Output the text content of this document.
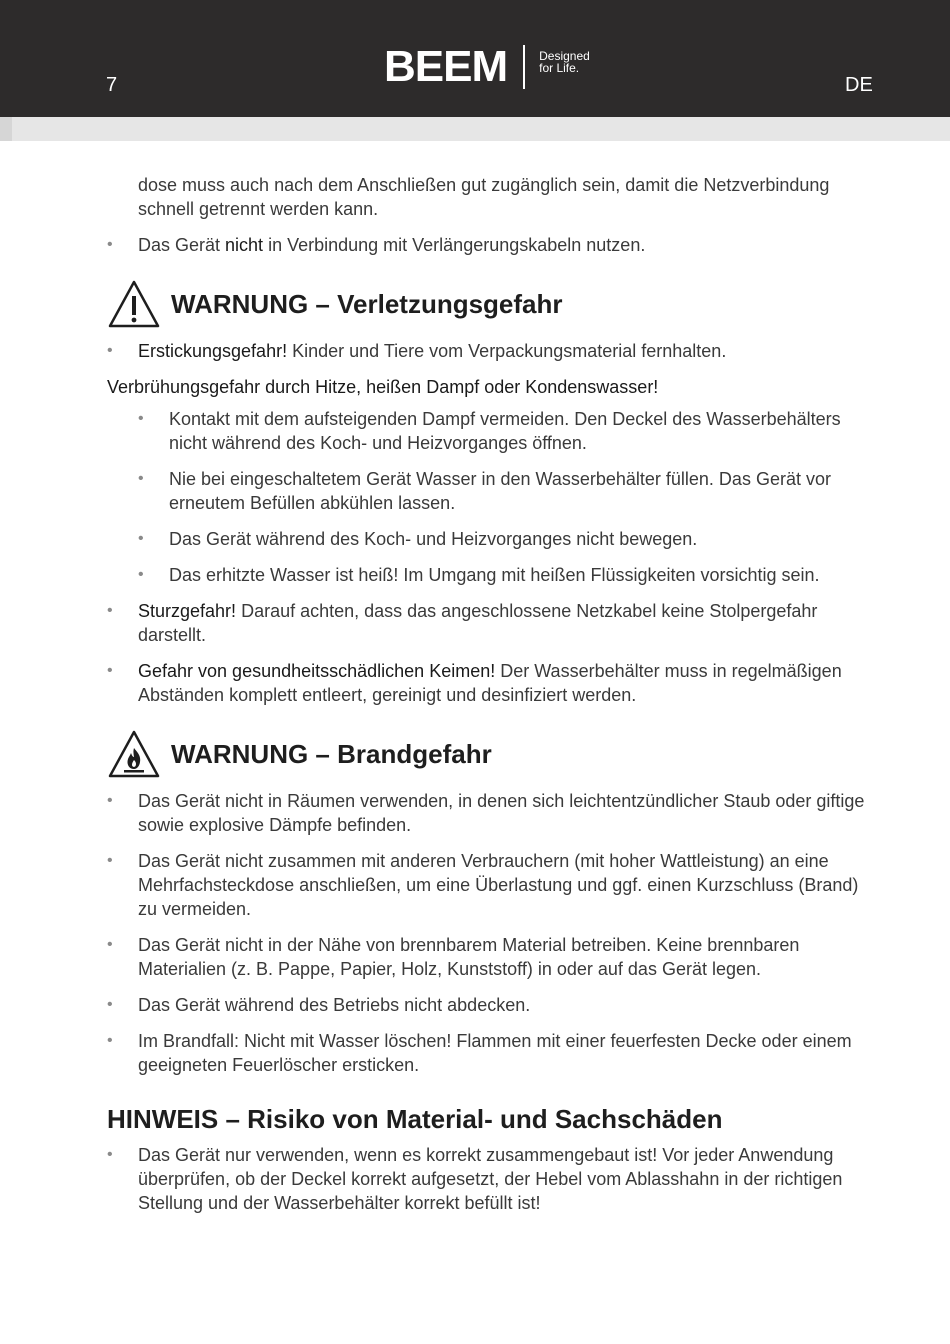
7	BEEM	Designed
for Life.
DE

dose muss auch nach dem Anschließen gut zugänglich sein, damit die Netzverbindung schnell getrennt werden kann.

• Das Gerät nicht in Verbindung mit Verlängerungskabeln nutzen.
WARNUNG – Verletzungsgefahr
• Erstickungsgefahr! Kinder und Tiere vom Verpackungsmaterial fernhalten.

Verbrühungsgefahr durch Hitze, heißen Dampf oder Kondenswasser!

• Kontakt mit dem aufsteigenden Dampf vermeiden. Den Deckel des Wasserbehälters nicht während des Koch- und Heizvorganges öffnen.
• Nie bei eingeschaltetem Gerät Wasser in den Wasserbehälter füllen. Das Gerät vor erneutem Befüllen abkühlen lassen.
• Das Gerät während des Koch- und Heizvorganges nicht bewegen.
• Das erhitzte Wasser ist heiß! Im Umgang mit heißen Flüssigkeiten vorsichtig sein.
• Sturzgefahr! Darauf achten, dass das angeschlossene Netzkabel keine Stolpergefahr darstellt.
• Gefahr von gesundheitsschädlichen Keimen! Der Wasserbehälter muss in regelmäßigen Abständen komplett entleert, gereinigt und desinfiziert werden.
WARNUNG – Brandgefahr
• Das Gerät nicht in Räumen verwenden, in denen sich leichtentzündlicher Staub oder giftige sowie explosive Dämpfe befinden.
• Das Gerät nicht zusammen mit anderen Verbrauchern (mit hoher Wattleistung) an eine Mehrfachsteckdose anschließen, um eine Überlastung und ggf. einen Kurzschluss (Brand) zu vermeiden.
• Das Gerät nicht in der Nähe von brennbarem Material betreiben. Keine brennbaren Materialien (z. B. Pappe, Papier, Holz, Kunststoff) in oder auf das Gerät legen.
• Das Gerät während des Betriebs nicht abdecken.
• Im Brandfall: Nicht mit Wasser löschen! Flammen mit einer feuerfesten Decke oder einem geeigneten Feuerlöscher ersticken.
HINWEIS – Risiko von Material- und Sachschäden
• Das Gerät nur verwenden, wenn es korrekt zusammengebaut ist! Vor jeder Anwendung überprüfen, ob der Deckel korrekt aufgesetzt, der Hebel vom Ablasshahn in der richtigen Stellung und der Wasserbehälter korrekt befüllt ist!
